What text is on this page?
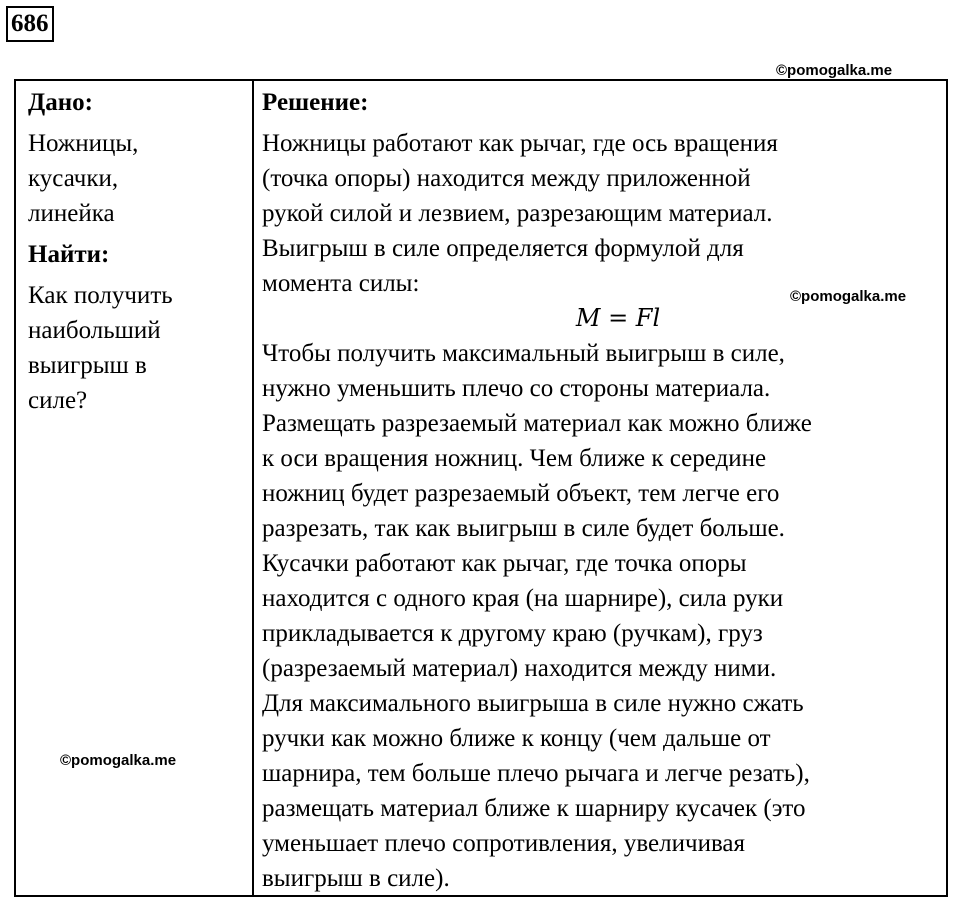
686
©pomogalka.me
Дано:
Ножницы,
кусачки,
линейка
Найти:
Как получить
наибольший
выигрыш в
силе?
Решение:
Ножницы работают как рычаг, где ось вращения
(точка опоры) находится между приложенной
рукой силой и лезвием, разрезающим материал.
Выигрыш в силе определяется формулой для
момента силы:
M = Fl
Чтобы получить максимальный выигрыш в силе,
нужно уменьшить плечо со стороны материала.
Размещать разрезаемый материал как можно ближе
к оси вращения ножниц. Чем ближе к середине
ножниц будет разрезаемый объект, тем легче его
разрезать, так как выигрыш в силе будет больше.
Кусачки работают как рычаг, где точка опоры
находится с одного края (на шарнире), сила руки
прикладывается к другому краю (ручкам), груз
(разрезаемый материал) находится между ними.
Для максимального выигрыша в силе нужно сжать
ручки как можно ближе к концу (чем дальше от
шарнира, тем больше плечо рычага и легче резать),
размещать материал ближе к шарниру кусачек (это
уменьшает плечо сопротивления, увеличивая
выигрыш в силе).
©pomogalka.me
©pomogalka.me
